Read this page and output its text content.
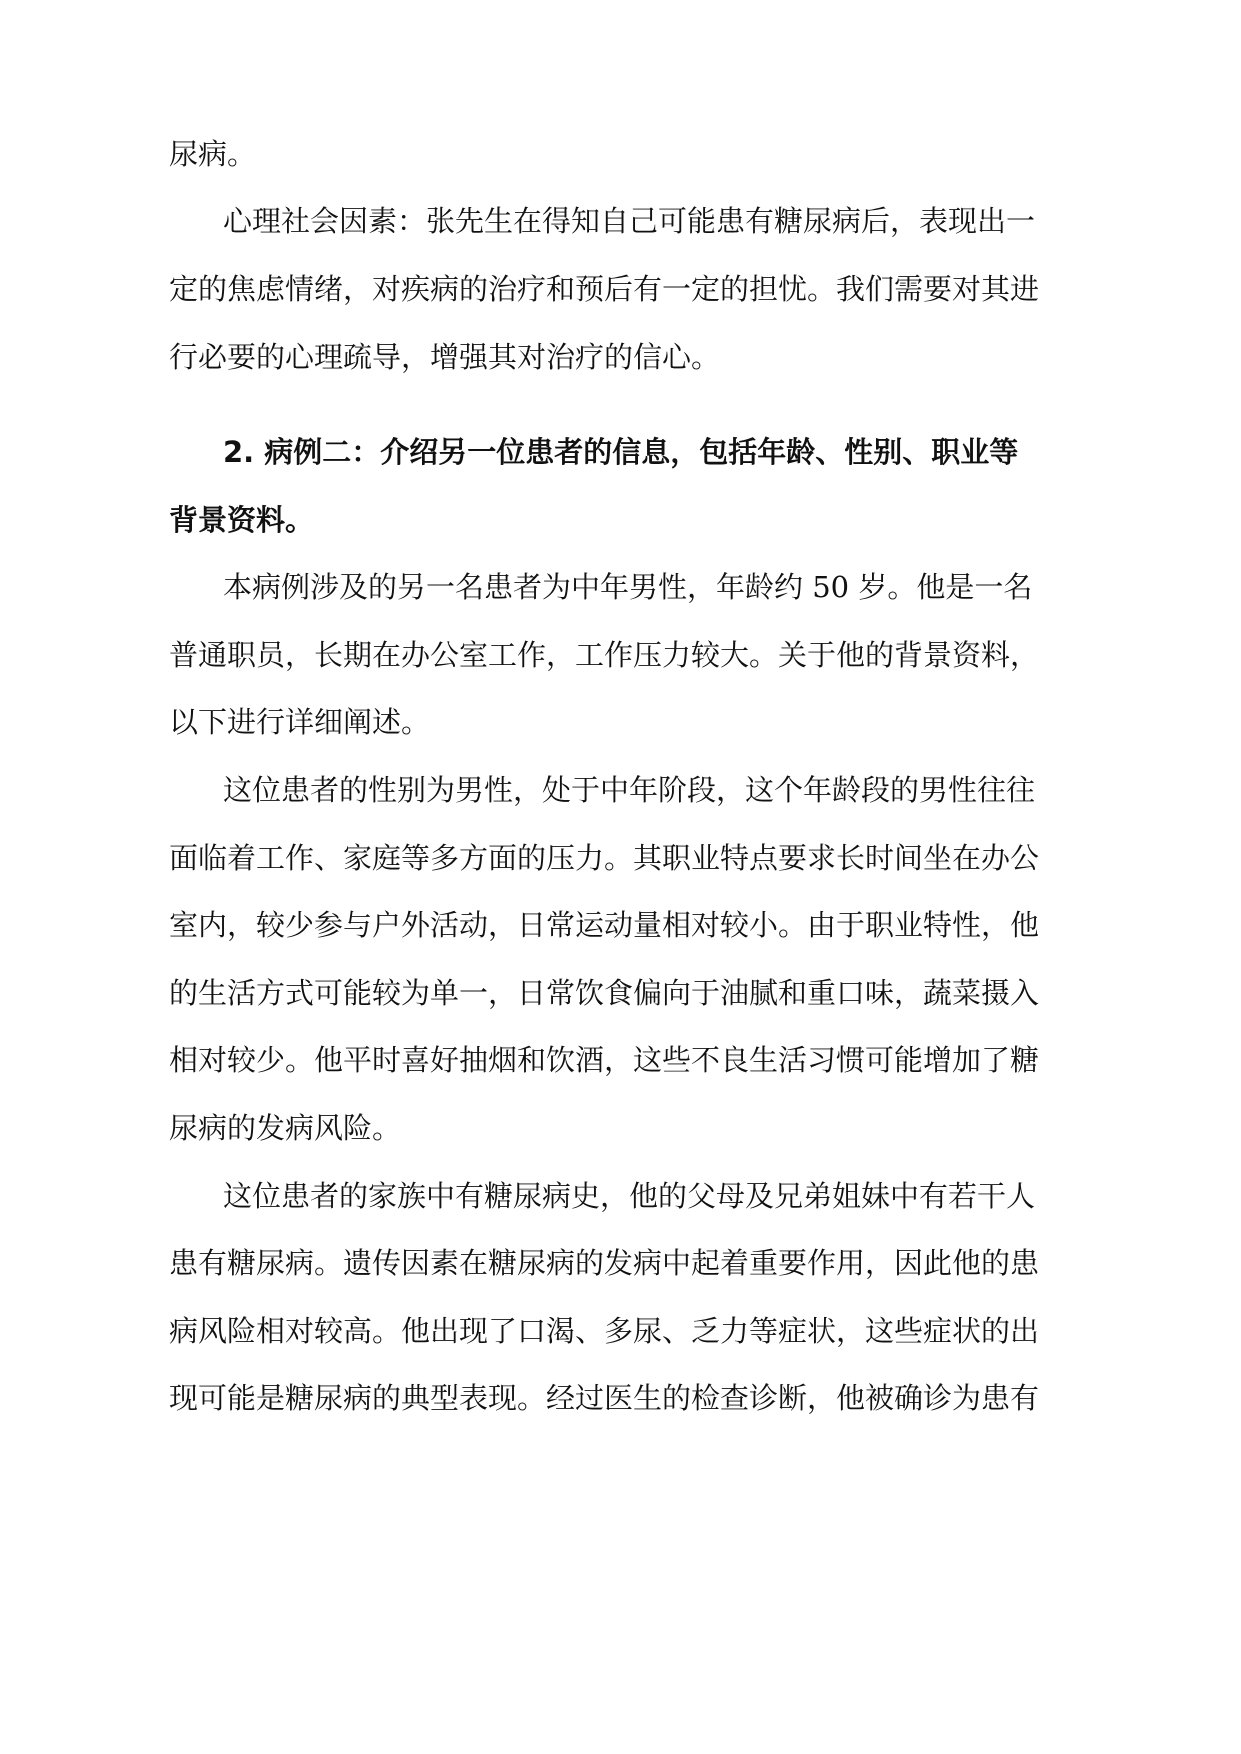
尿病。
心理社会因素：张先生在得知自己可能患有糖尿病后，表现出一
定的焦虑情绪，对疾病的治疗和预后有一定的担忧。我们需要对其进
行必要的心理疏导，增强其对治疗的信心。
2. 病例二：介绍另一位患者的信息，包括年龄、性别、职业等
背景资料。
本病例涉及的另一名患者为中年男性，年龄约 50 岁。他是一名
普通职员，长期在办公室工作，工作压力较大。关于他的背景资料，
以下进行详细阐述。
这位患者的性别为男性，处于中年阶段，这个年龄段的男性往往
面临着工作、家庭等多方面的压力。其职业特点要求长时间坐在办公
室内，较少参与户外活动，日常运动量相对较小。由于职业特性，他
的生活方式可能较为单一，日常饮食偏向于油腻和重口味，蔬菜摄入
相对较少。他平时喜好抽烟和饮酒，这些不良生活习惯可能增加了糖
尿病的发病风险。
这位患者的家族中有糖尿病史，他的父母及兄弟姐妹中有若干人
患有糖尿病。遗传因素在糖尿病的发病中起着重要作用，因此他的患
病风险相对较高。他出现了口渴、多尿、乏力等症状，这些症状的出
现可能是糖尿病的典型表现。经过医生的检查诊断，他被确诊为患有
